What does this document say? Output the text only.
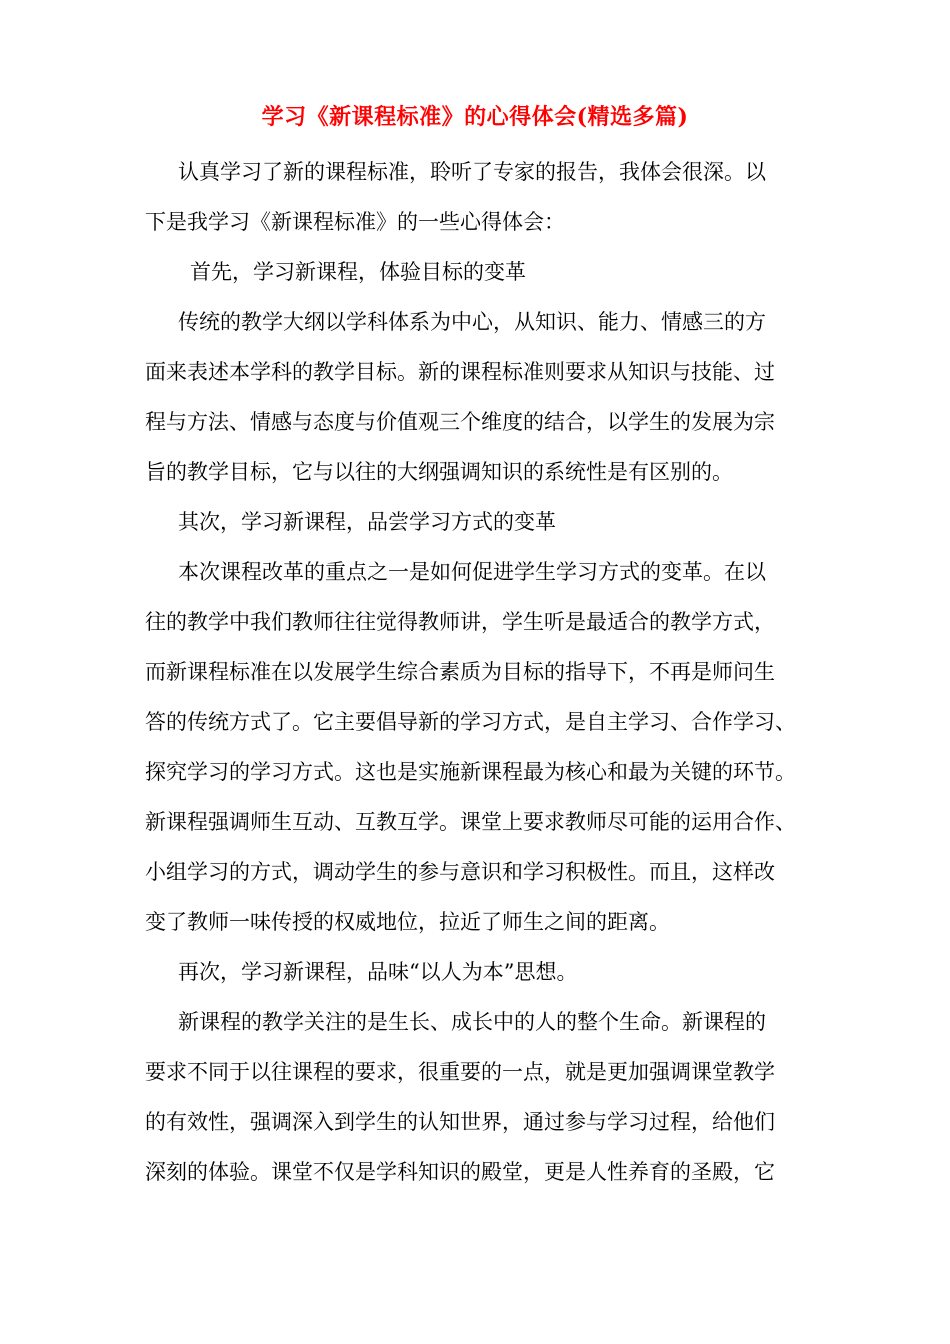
学习《新课程标准》的心得体会(精选多篇)
认真学习了新的课程标准，聆听了专家的报告，我体会很深。以
下是我学习《新课程标准》的一些心得体会：
首先，学习新课程，体验目标的变革
传统的教学大纲以学科体系为中心，从知识、能力、情感三的方
面来表述本学科的教学目标。新的课程标准则要求从知识与技能、过
程与方法、情感与态度与价值观三个维度的结合，以学生的发展为宗
旨的教学目标，它与以往的大纲强调知识的系统性是有区别的。
其次，学习新课程，品尝学习方式的变革
本次课程改革的重点之一是如何促进学生学习方式的变革。在以
往的教学中我们教师往往觉得教师讲，学生听是最适合的教学方式，
而新课程标准在以发展学生综合素质为目标的指导下，不再是师问生
答的传统方式了。它主要倡导新的学习方式，是自主学习、合作学习、
探究学习的学习方式。这也是实施新课程最为核心和最为关键的环节。
新课程强调师生互动、互教互学。课堂上要求教师尽可能的运用合作、
小组学习的方式，调动学生的参与意识和学习积极性。而且，这样改
变了教师一味传授的权威地位，拉近了师生之间的距离。
再次，学习新课程，品味“以人为本”思想。
新课程的教学关注的是生长、成长中的人的整个生命。新课程的
要求不同于以往课程的要求，很重要的一点，就是更加强调课堂教学
的有效性，强调深入到学生的认知世界，通过参与学习过程，给他们
深刻的体验。课堂不仅是学科知识的殿堂，更是人性养育的圣殿，它
